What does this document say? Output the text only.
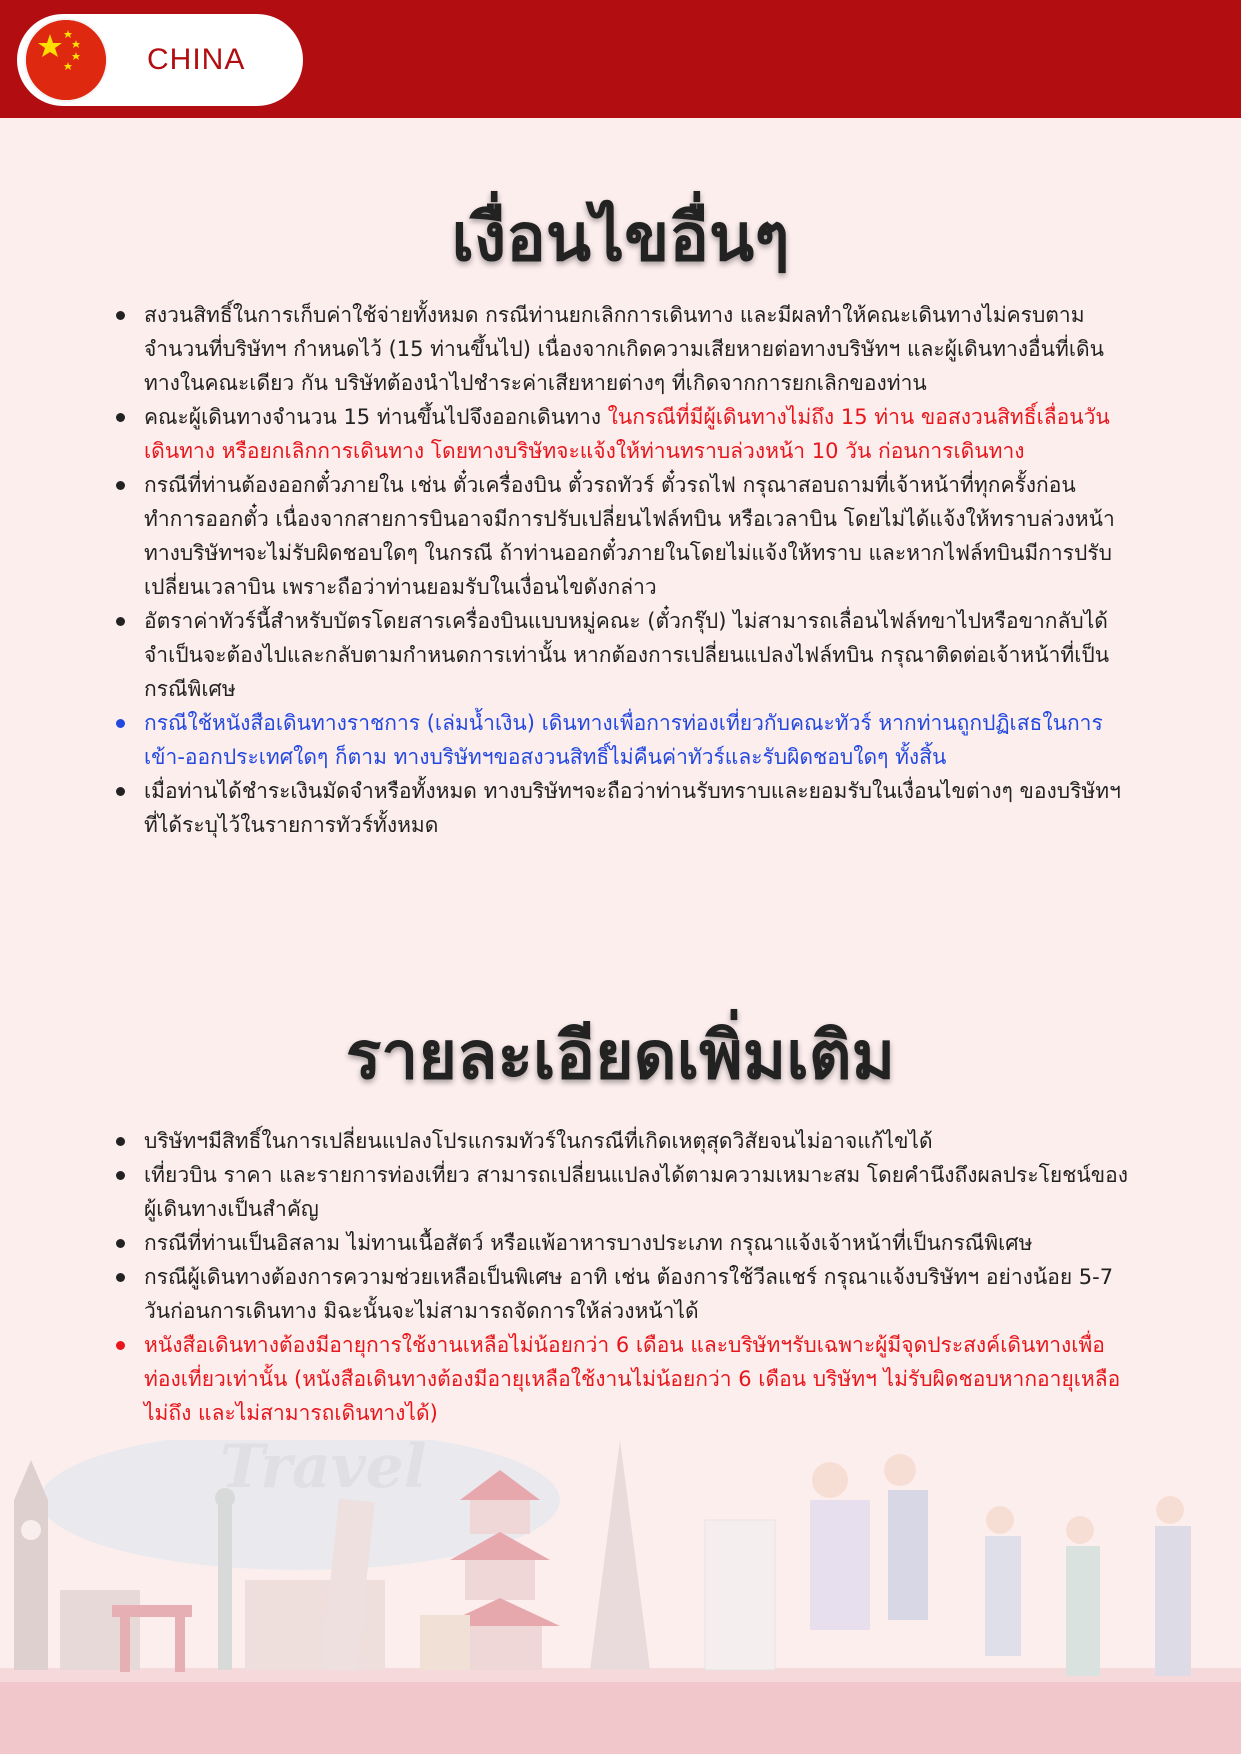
CHINA
เงื่อนไขอื่นๆ
สงวนสิทธิ์ในการเก็บค่าใช้จ่ายทั้งหมด กรณีท่านยกเลิกการเดินทาง และมีผลทำให้คณะเดินทางไม่ครบตามจำนวนที่บริษัทฯ กำหนดไว้ (15 ท่านขึ้นไป) เนื่องจากเกิดความเสียหายต่อทางบริษัทฯ และผู้เดินทางอื่นที่เดินทางในคณะเดียว กัน บริษัทต้องนำไปชำระค่าเสียหายต่างๆ ที่เกิดจากการยกเลิกของท่าน
คณะผู้เดินทางจำนวน 15 ท่านขึ้นไปจึงออกเดินทาง ในกรณีที่มีผู้เดินทางไม่ถึง 15 ท่าน ขอสงวนสิทธิ์เลื่อนวันเดินทาง หรือยกเลิกการเดินทาง โดยทางบริษัทจะแจ้งให้ท่านทราบล่วงหน้า 10 วัน ก่อนการเดินทาง
กรณีที่ท่านต้องออกตั๋วภายใน เช่น ตั๋วเครื่องบิน ตั๋วรถทัวร์ ตั๋วรถไฟ กรุณาสอบถามที่เจ้าหน้าที่ทุกครั้งก่อนทำการออกตั๋ว เนื่องจากสายการบินอาจมีการปรับเปลี่ยนไฟล์ทบิน หรือเวลาบิน โดยไม่ได้แจ้งให้ทราบล่วงหน้า ทางบริษัทฯจะไม่รับผิดชอบใดๆ ในกรณี ถ้าท่านออกตั๋วภายในโดยไม่แจ้งให้ทราบ และหากไฟล์ทบินมีการปรับเปลี่ยนเวลาบิน เพราะถือว่าท่านยอมรับในเงื่อนไขดังกล่าว
อัตราค่าทัวร์นี้สำหรับบัตรโดยสารเครื่องบินแบบหมู่คณะ (ตั๋วกรุ๊ป) ไม่สามารถเลื่อนไฟล์ทขาไปหรือขากลับได้ จำเป็นจะต้องไปและกลับตามกำหนดการเท่านั้น หากต้องการเปลี่ยนแปลงไฟล์ทบิน กรุณาติดต่อเจ้าหน้าที่เป็นกรณีพิเศษ
กรณีใช้หนังสือเดินทางราชการ (เล่มน้ำเงิน) เดินทางเพื่อการท่องเที่ยวกับคณะทัวร์ หากท่านถูกปฏิเสธในการเข้า-ออกประเทศใดๆ ก็ตาม ทางบริษัทฯขอสงวนสิทธิ์ไม่คืนค่าทัวร์และรับผิดชอบใดๆ ทั้งสิ้น
เมื่อท่านได้ชำระเงินมัดจำหรือทั้งหมด ทางบริษัทฯจะถือว่าท่านรับทราบและยอมรับในเงื่อนไขต่างๆ ของบริษัทฯที่ได้ระบุไว้ในรายการทัวร์ทั้งหมด
รายละเอียดเพิ่มเติม
บริษัทฯมีสิทธิ์ในการเปลี่ยนแปลงโปรแกรมทัวร์ในกรณีที่เกิดเหตุสุดวิสัยจนไม่อาจแก้ไขได้
เที่ยวบิน ราคา และรายการท่องเที่ยว สามารถเปลี่ยนแปลงได้ตามความเหมาะสม โดยคำนึงถึงผลประโยชน์ของผู้เดินทางเป็นสำคัญ
กรณีที่ท่านเป็นอิสลาม ไม่ทานเนื้อสัตว์ หรือแพ้อาหารบางประเภท กรุณาแจ้งเจ้าหน้าที่เป็นกรณีพิเศษ
กรณีผู้เดินทางต้องการความช่วยเหลือเป็นพิเศษ อาทิ เช่น ต้องการใช้วีลแชร์ กรุณาแจ้งบริษัทฯ อย่างน้อย 5-7 วันก่อนการเดินทาง มิฉะนั้นจะไม่สามารถจัดการให้ล่วงหน้าได้
หนังสือเดินทางต้องมีอายุการใช้งานเหลือไม่น้อยกว่า 6 เดือน และบริษัทฯรับเฉพาะผู้มีจุดประสงค์เดินทางเพื่อท่องเที่ยวเท่านั้น (หนังสือเดินทางต้องมีอายุเหลือใช้งานไม่น้อยกว่า 6 เดือน บริษัทฯ ไม่รับผิดชอบหากอายุเหลือไม่ถึง และไม่สามารถเดินทางได้)
